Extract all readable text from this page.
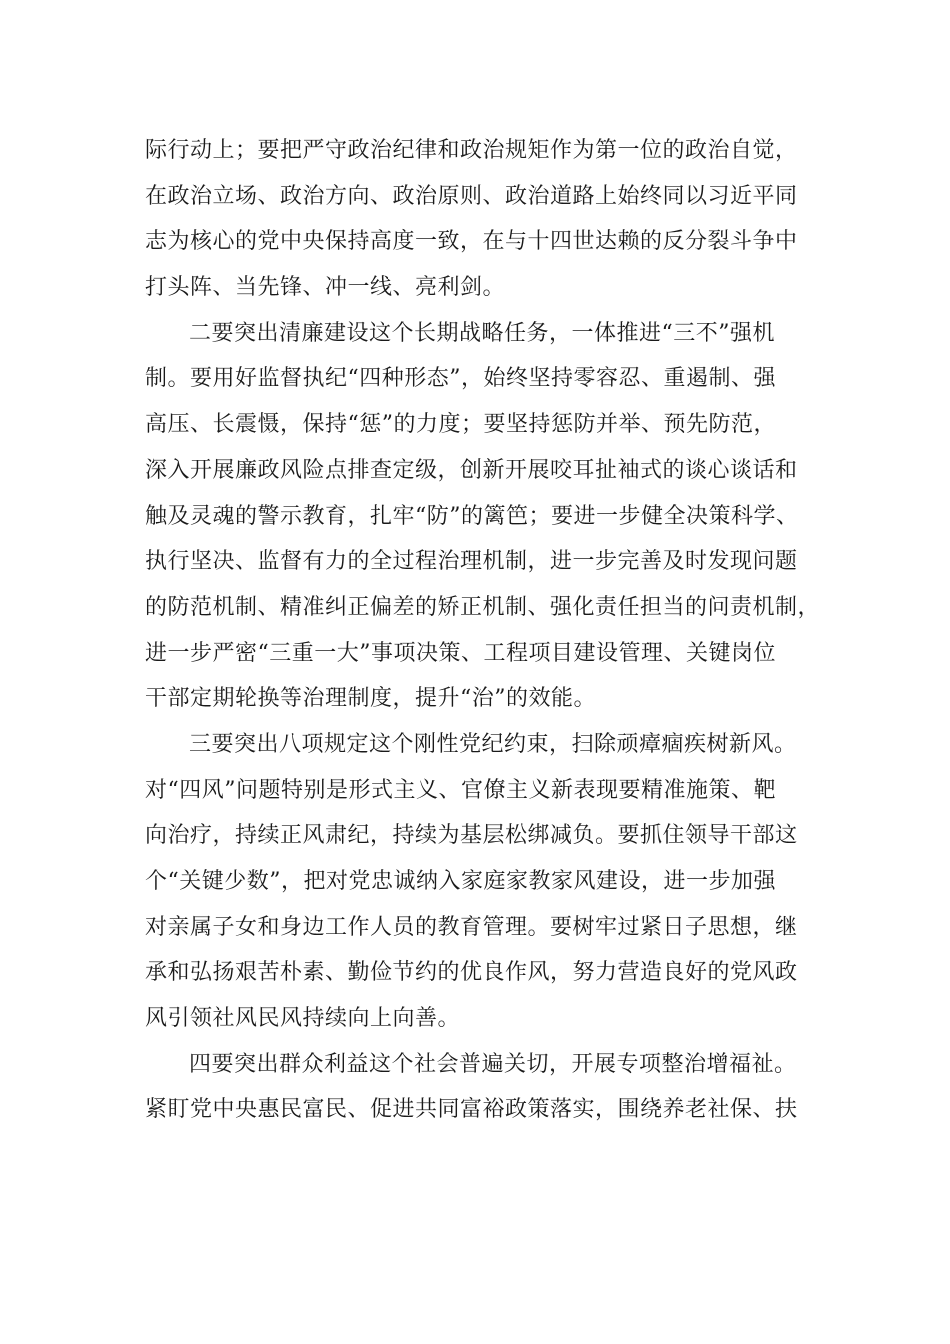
际行动上；要把严守政治纪律和政治规矩作为第一位的政治自觉，
在政治立场、政治方向、政治原则、政治道路上始终同以习近平同
志为核心的党中央保持高度一致，在与十四世达赖的反分裂斗争中
打头阵、当先锋、冲一线、亮利剑。
二要突出清廉建设这个长期战略任务，一体推进“三不”强机
制。要用好监督执纪“四种形态”，始终坚持零容忍、重遏制、强
高压、长震慑，保持“惩”的力度；要坚持惩防并举、预先防范，
深入开展廉政风险点排查定级，创新开展咬耳扯袖式的谈心谈话和
触及灵魂的警示教育，扎牢“防”的篱笆；要进一步健全决策科学、
执行坚决、监督有力的全过程治理机制，进一步完善及时发现问题
的防范机制、精准纠正偏差的矫正机制、强化责任担当的问责机制，
进一步严密“三重一大”事项决策、工程项目建设管理、关键岗位
干部定期轮换等治理制度，提升“治”的效能。
三要突出八项规定这个刚性党纪约束，扫除顽瘴痼疾树新风。
对“四风”问题特别是形式主义、官僚主义新表现要精准施策、靶
向治疗，持续正风肃纪，持续为基层松绑减负。要抓住领导干部这
个“关键少数”，把对党忠诚纳入家庭家教家风建设，进一步加强
对亲属子女和身边工作人员的教育管理。要树牢过紧日子思想，继
承和弘扬艰苦朴素、勤俭节约的优良作风，努力营造良好的党风政
风引领社风民风持续向上向善。
四要突出群众利益这个社会普遍关切，开展专项整治增福祉。
紧盯党中央惠民富民、促进共同富裕政策落实，围绕养老社保、扶
